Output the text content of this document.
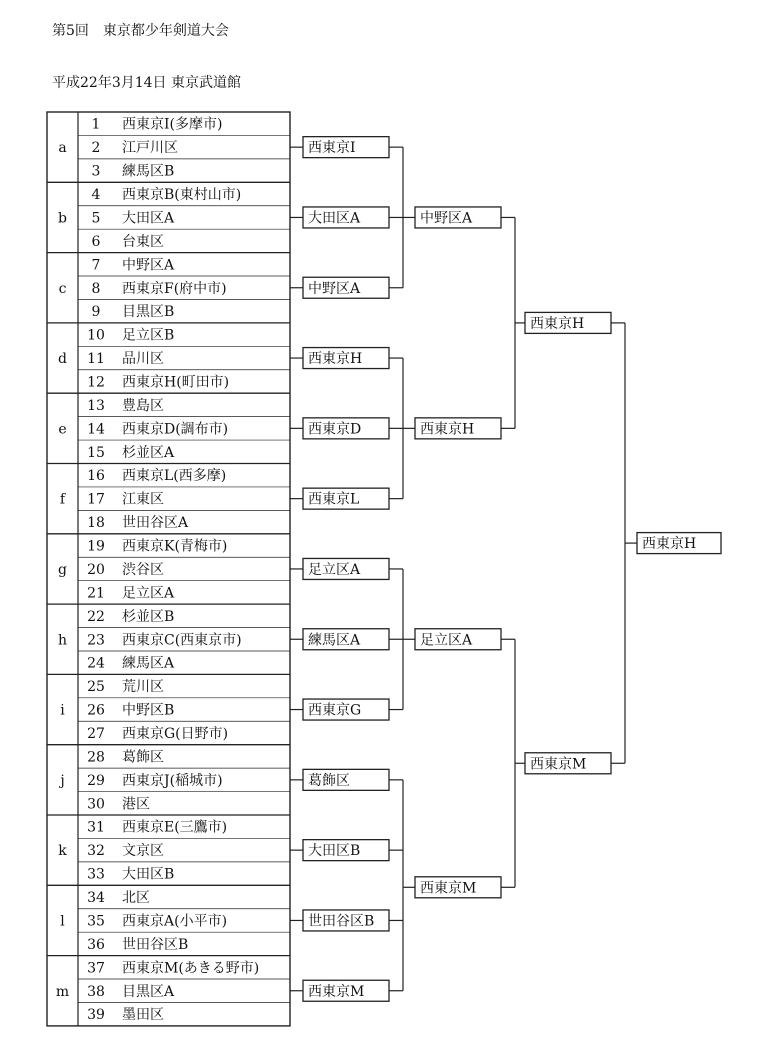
第5回　東京都少年剣道大会
平成22年3月14日 東京武道館
a
1 西東京I(多摩市)
2 江戸川区
3 練馬区B
b
4 西東京B(東村山市)
5 大田区A
6 台東区
c
7 中野区A
8 西東京F(府中市)
9 目黒区B
d
10 足立区B
11 品川区
12 西東京H(町田市)
e
13 豊島区
14 西東京D(調布市)
15 杉並区A
f
16 西東京L(西多摩)
17 江東区
18 世田谷区A
g
19 西東京K(青梅市)
20 渋谷区
21 足立区A
h
22 杉並区B
23 西東京C(西東京市)
24 練馬区A
i
25 荒川区
26 中野区B
27 西東京G(日野市)
j
28 葛飾区
29 西東京J(稲城市)
30 港区
k
31 西東京E(三鷹市)
32 文京区
33 大田区B
l
34 北区
35 西東京A(小平市)
36 世田谷区B
m
37 西東京M(あきる野市)
38 目黒区A
39 墨田区
西東京I
大田区A
中野区A
西東京H
西東京D
西東京L
足立区A
練馬区A
西東京G
葛飾区
大田区B
世田谷区B
西東京M
中野区A
西東京H
足立区A
西東京M
西東京H
西東京M
西東京H
